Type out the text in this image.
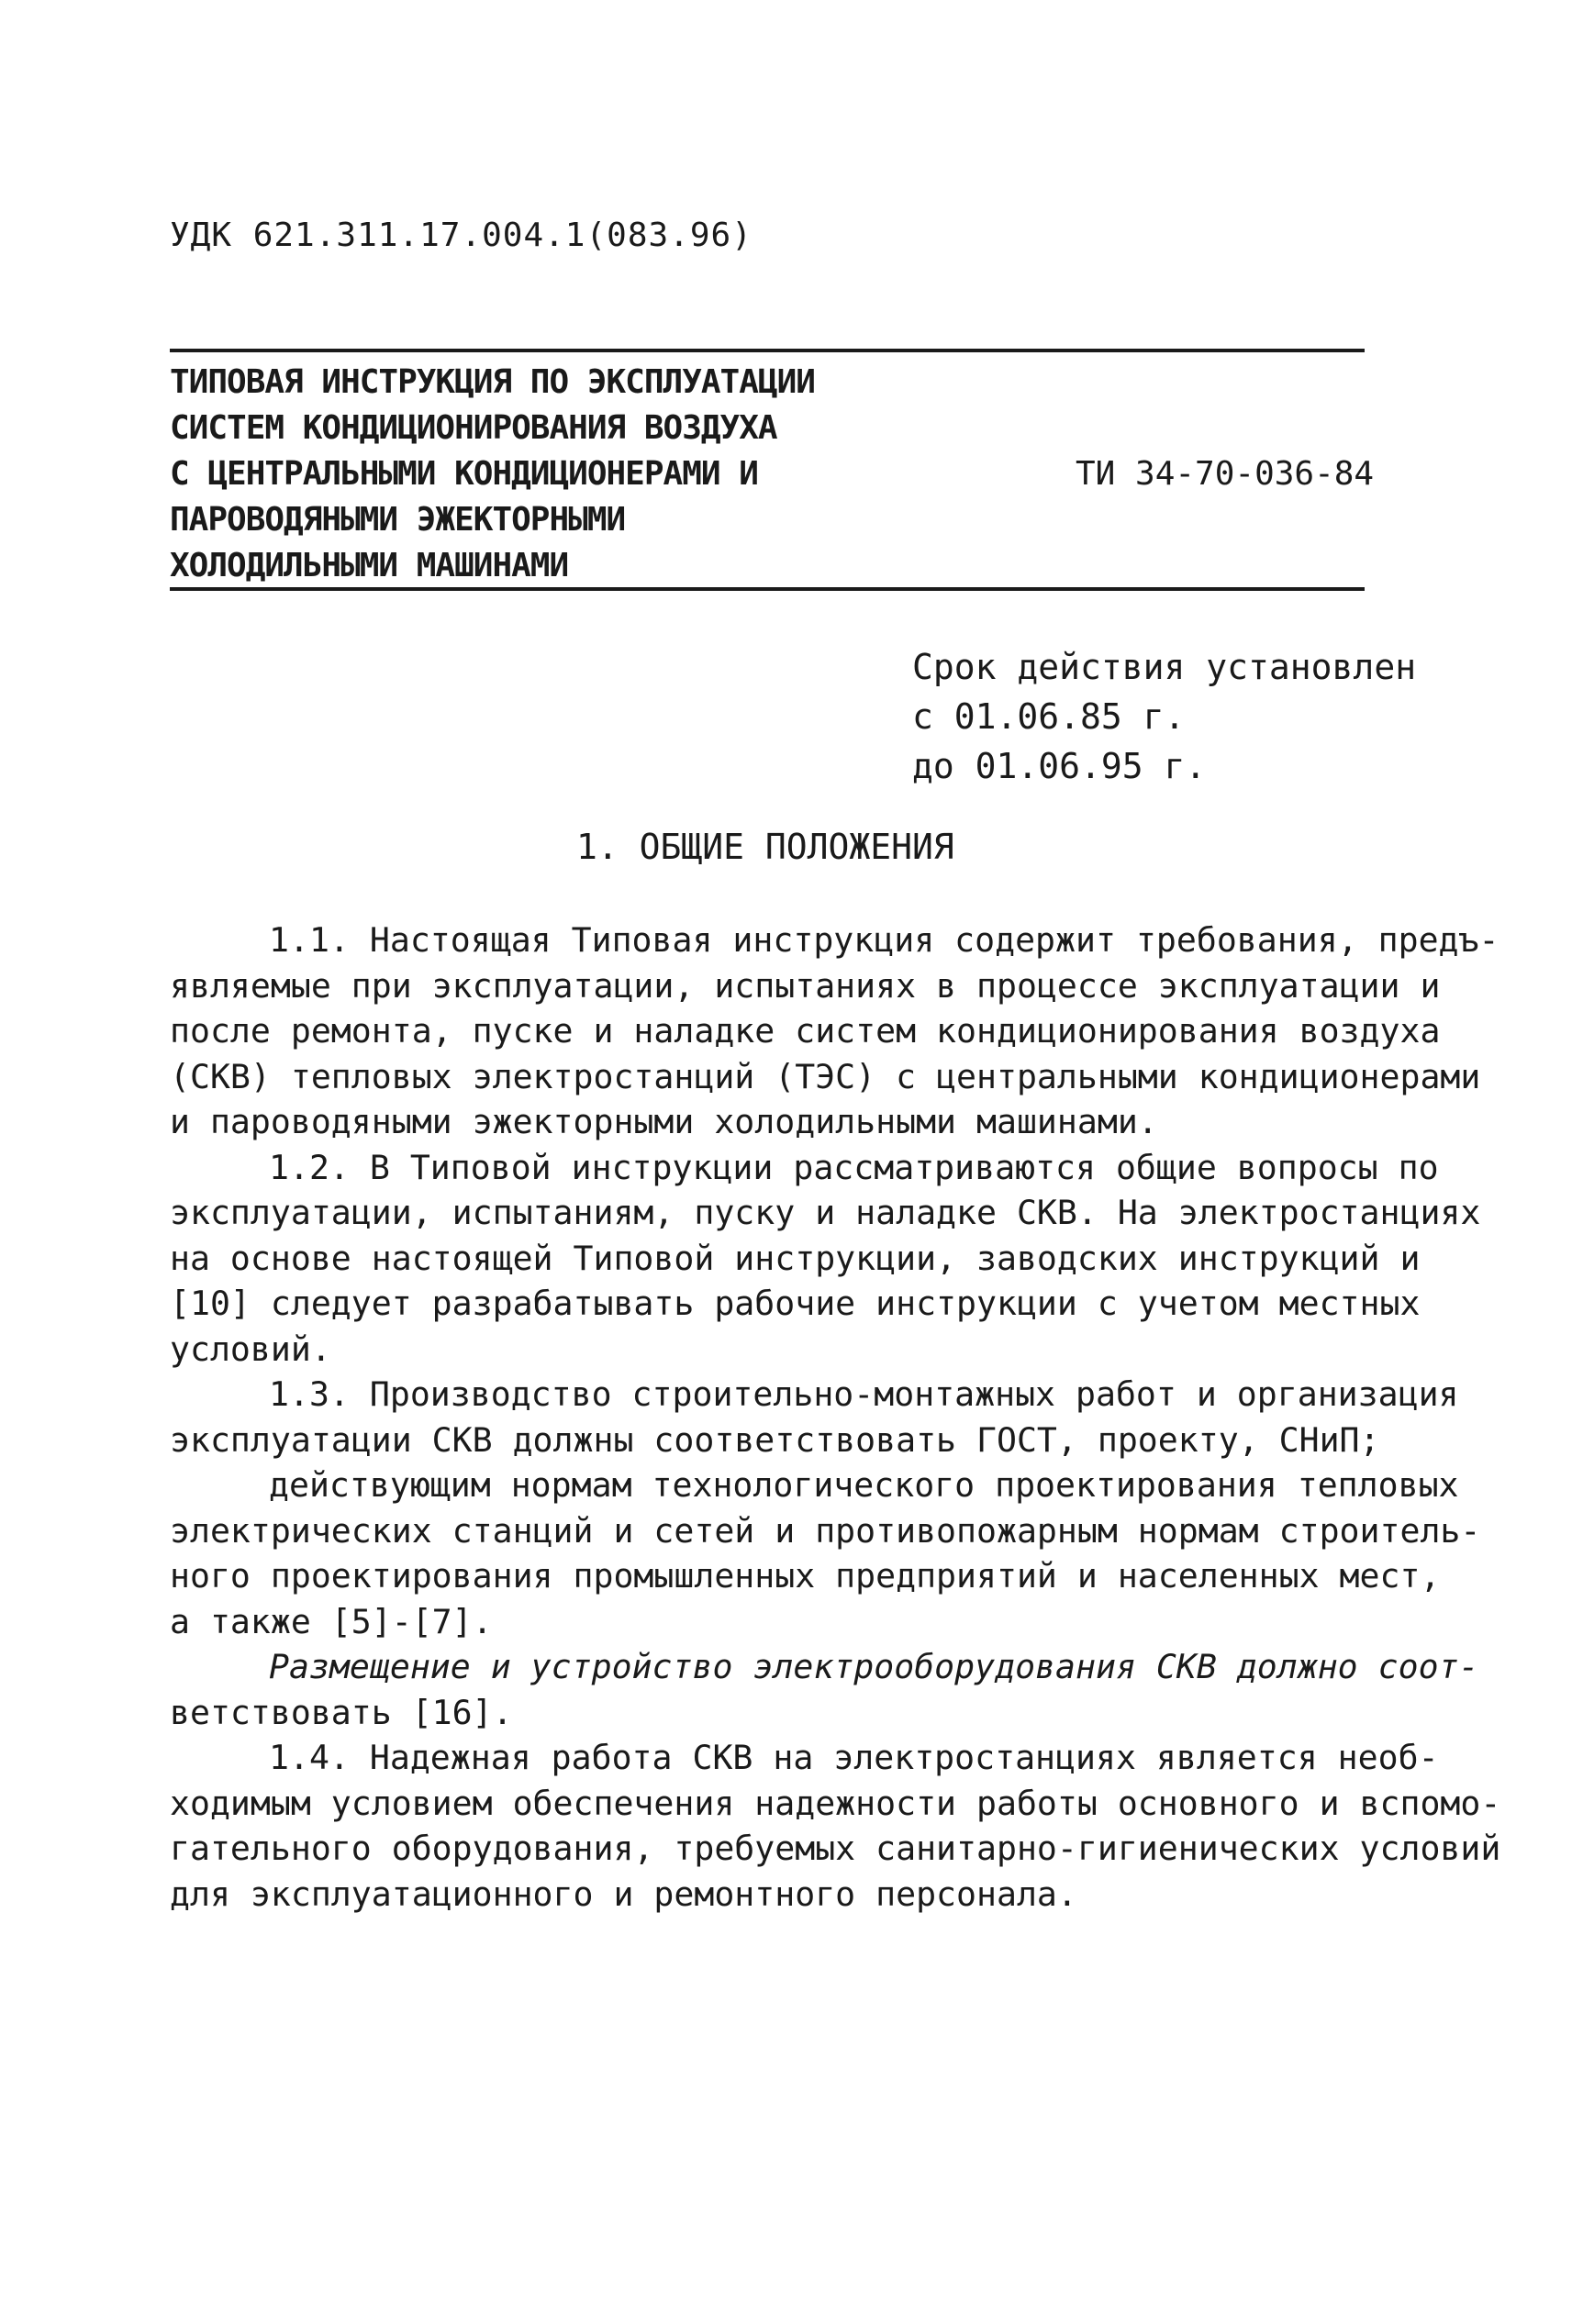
УДК 621.311.17.004.1(083.96)
ТИПОВАЯ ИНСТРУКЦИЯ ПО ЭКСПЛУАТАЦИИ
СИСТЕМ КОНДИЦИОНИРОВАНИЯ ВОЗДУХА
С ЦЕНТРАЛЬНЫМИ КОНДИЦИОНЕРАМИ И
ПАРОВОДЯНЫМИ ЭЖЕКТОРНЫМИ
ХОЛОДИЛЬНЫМИ МАШИНАМИ
ТИ 34-70-036-84
Срок действия установлен
с 01.06.85 г.
до 01.06.95 г.
1. ОБЩИЕ ПОЛОЖЕНИЯ
1.1. Настоящая Типовая инструкция содержит требования, предъ-
являемые при эксплуатации, испытаниях в процессе эксплуатации и
после ремонта, пуске и наладке систем кондиционирования воздуха
(СКВ) тепловых электростанций (ТЭС) с центральными кондиционерами
и пароводяными эжекторными холодильными машинами.
1.2. В Типовой инструкции рассматриваются общие вопросы по
эксплуатации, испытаниям, пуску и наладке СКВ. На электростанциях
на основе настоящей Типовой инструкции, заводских инструкций и
[10] следует разрабатывать рабочие инструкции с учетом местных
условий.
1.3. Производство строительно-монтажных работ и организация
эксплуатации СКВ должны соответствовать ГОСТ, проекту, СНиП;
действующим нормам технологического проектирования тепловых
электрических станций и сетей и противопожарным нормам строитель-
ного проектирования промышленных предприятий и населенных мест,
а также [5]-[7].
Размещение и устройство электрооборудования СКВ должно соот-
ветствовать [16].
1.4. Надежная работа СКВ на электростанциях является необ-
ходимым условием обеспечения надежности работы основного и вспомо-
гательного оборудования, требуемых санитарно-гигиенических условий
для эксплуатационного и ремонтного персонала.
